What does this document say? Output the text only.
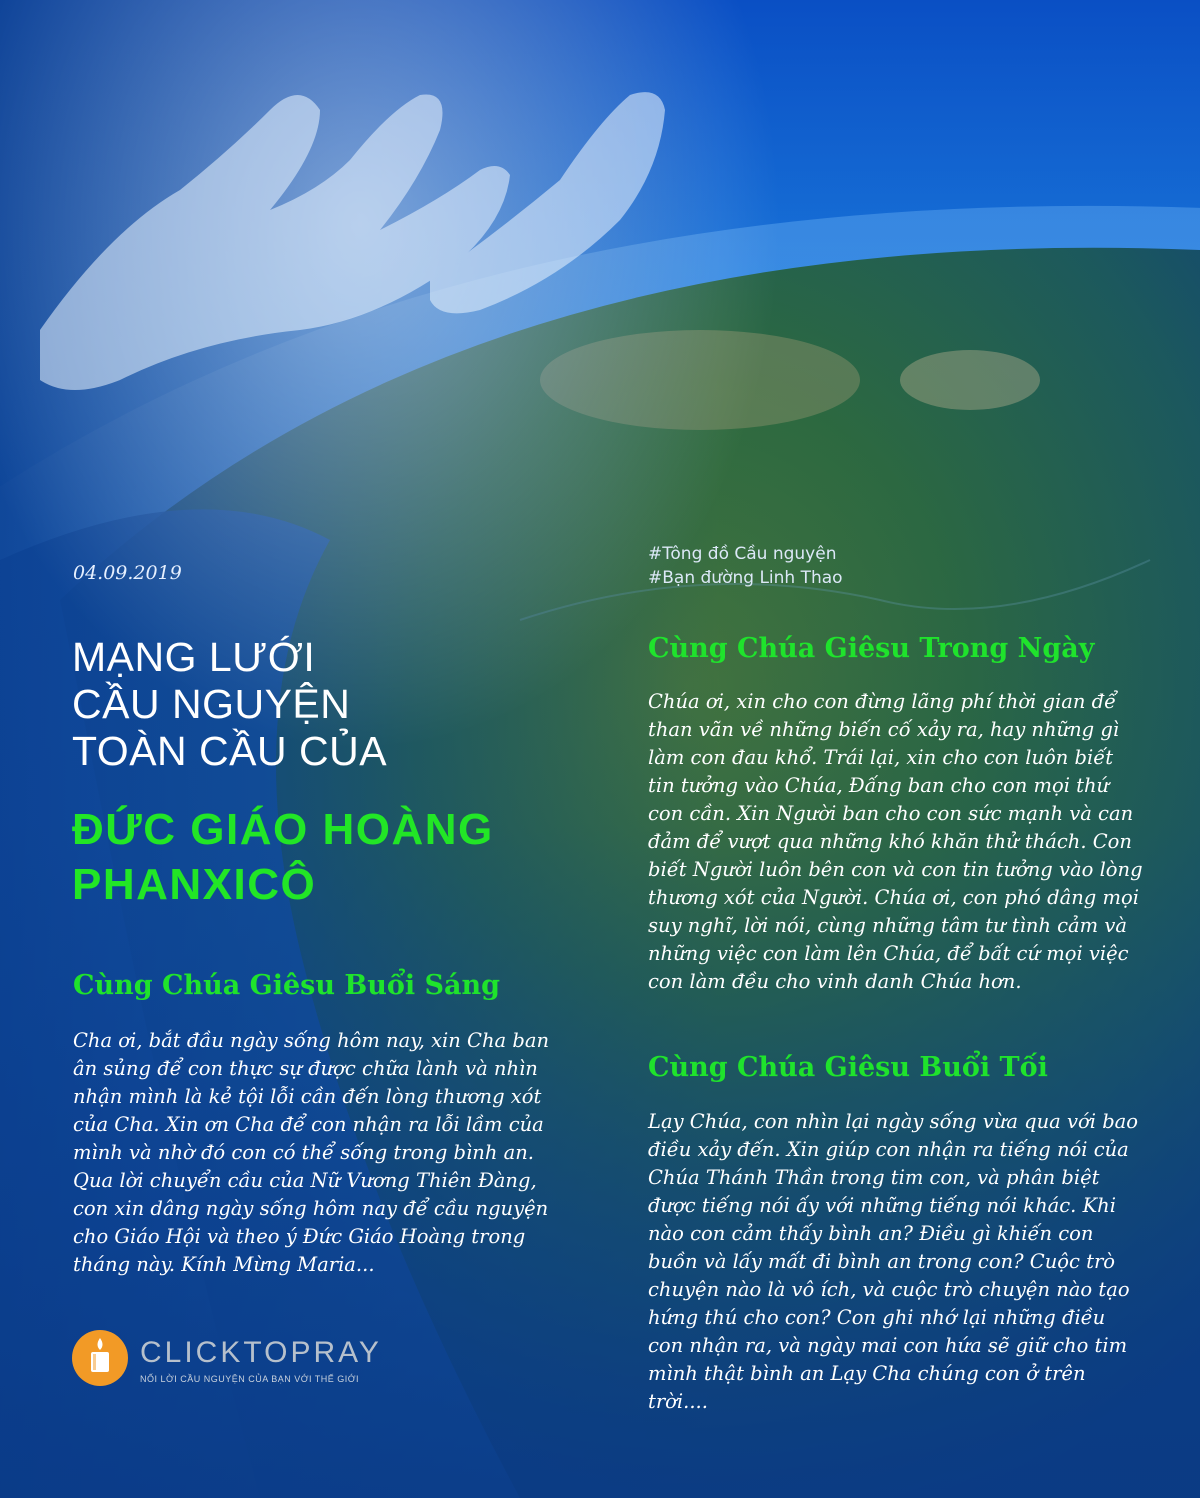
04.09.2019
#Tông đồ Cầu nguyện
#Bạn đường Linh Thao
MẠNG LƯỚI
CẦU NGUYỆN
TOÀN CẦU CỦA
ĐỨC GIÁO HOÀNG
PHANXICÔ
Cùng Chúa Giêsu Buổi Sáng
Cha ơi, bắt đầu ngày sống hôm nay, xin Cha ban ân sủng để con thực sự được chữa lành và nhìn nhận mình là kẻ tội lỗi cần đến lòng thương xót của Cha. Xin ơn Cha để con nhận ra lỗi lầm của mình và nhờ đó con có thể sống trong bình an. Qua lời chuyển cầu của Nữ Vương Thiên Đàng, con xin dâng ngày sống hôm nay để cầu nguyện cho Giáo Hội và theo ý Đức Giáo Hoàng trong tháng này. Kính Mừng Maria...
Cùng Chúa Giêsu Trong Ngày
Chúa ơi, xin cho con đừng lãng phí thời gian để than vãn về những biến cố xảy ra, hay những gì làm con đau khổ. Trái lại, xin cho con luôn biết tin tưởng vào Chúa, Đấng ban cho con mọi thứ con cần. Xin Người ban cho con sức mạnh và can đảm để vượt qua những khó khăn thử thách. Con biết Người luôn bên con và con tin tưởng vào lòng thương xót của Người. Chúa ơi, con phó dâng mọi suy nghĩ, lời nói, cùng những tâm tư tình cảm và những việc con làm lên Chúa, để bất cứ mọi việc con làm đều cho vinh danh Chúa hơn.
Cùng Chúa Giêsu Buổi Tối
Lạy Chúa, con nhìn lại ngày sống vừa qua với bao điều xảy đến. Xin giúp con nhận ra tiếng nói của Chúa Thánh Thần trong tim con, và phân biệt được tiếng nói ấy với những tiếng nói khác. Khi nào con cảm thấy bình an? Điều gì khiến con buồn và lấy mất đi bình an trong con? Cuộc trò chuyện nào là vô ích, và cuộc trò chuyện nào tạo hứng thú cho con? Con ghi nhớ lại những điều con nhận ra, và ngày mai con hứa sẽ giữ cho tim mình thật bình an Lạy Cha chúng con ở trên trời....
CLICKTOPRAY
NỐI LỜI CẦU NGUYỆN CỦA BẠN VỚI THẾ GIỚI
